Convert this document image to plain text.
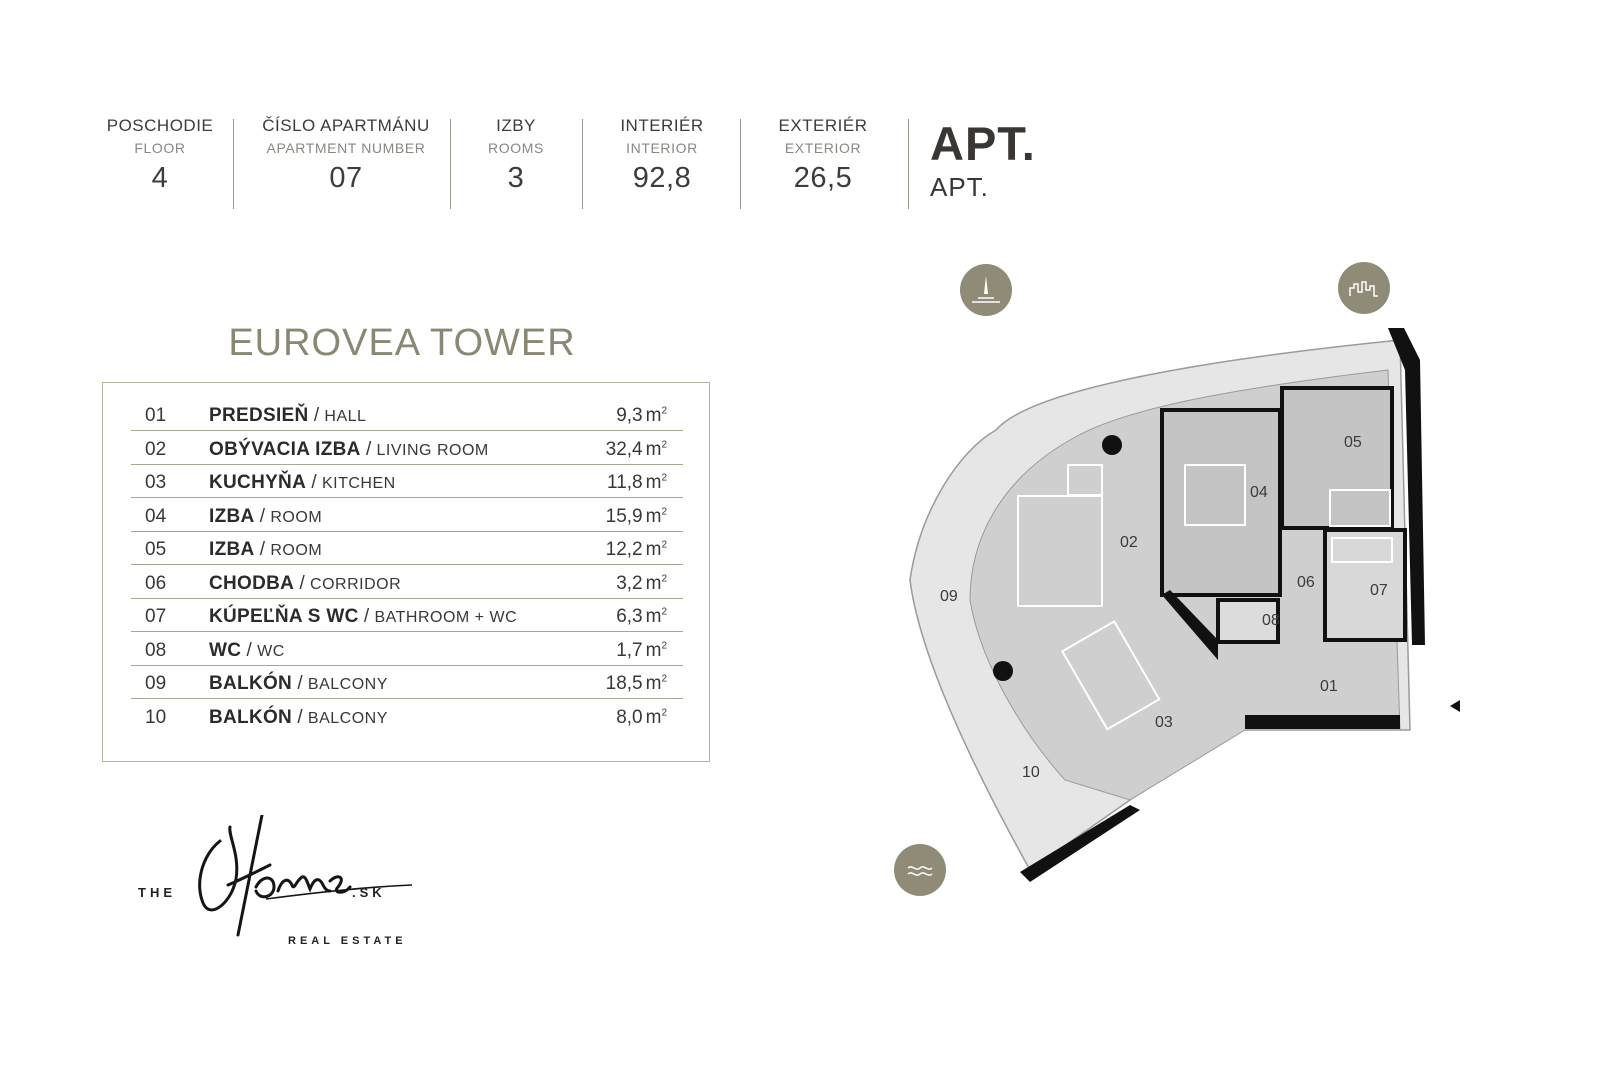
POSCHODIE
FLOOR
4
ČÍSLO APARTMÁNU
APARTMENT NUMBER
07
IZBY
ROOMS
3
INTERIÉR
INTERIOR
92,8
EXTERIÉR
EXTERIOR
26,5
APT.
APT.
EUROVEA TOWER
01 PREDSIEŇ / HALL	9,3 $m^2$
02 OBÝVACIA IZBA / LIVING ROOM	32,4 $m^2$
03 KUCHYŇA / KITCHEN	11,8 $m^2$
04 IZBA / ROOM	15,9 $m^2$
05 IZBA / ROOM	12,2 $m^2$
06 CHODBA / CORRIDOR	3,2 $m^2$
07 KÚPEĽŇA S WC / BATHROOM + WC	6,3 $m^2$
08 WC / WC	1,7 $m^2$
09 BALKÓN / BALCONY	18,5 $m^2$
10 BALKÓN / BALCONY	8,0 $m^2$
THE	.SK
REAL ESTATE
01
02
03
04
05
06	07
08
09
10
